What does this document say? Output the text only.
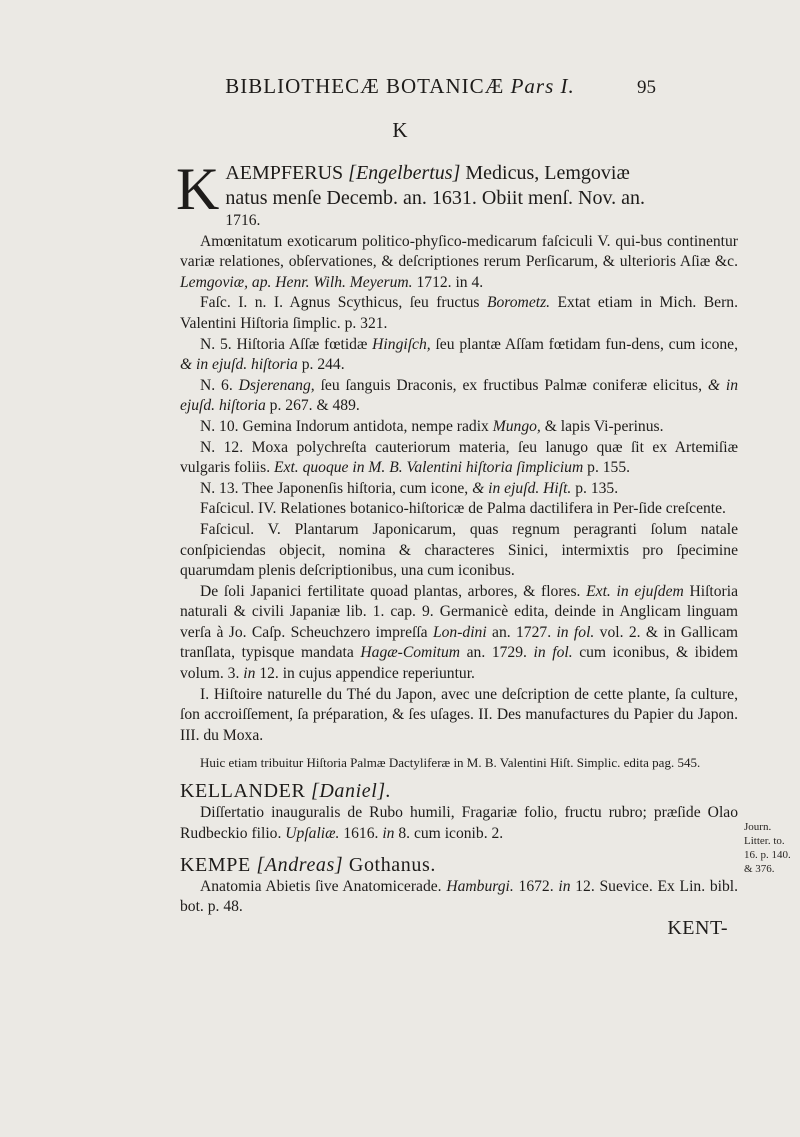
BIBLIOTHECÆ BOTANICÆ Pars I.	95
K

KAEMPFERUS [Engelbertus] Medicus, Lemgoviæ

natus menſe Decemb. an. 1631. Obiit menſ. Nov. an.

1716.

Amœnitatum exoticarum politico-phyſico-medicarum faſciculi V. qui-bus continentur variæ relationes, obſervationes, & deſcriptiones rerum Perſicarum, & ulterioris Aſiæ &c. Lemgoviæ, ap. Henr. Wilh. Meyerum. 1712. in 4.

Faſc. I. n. I. Agnus Scythicus, ſeu fructus Borometz. Extat etiam in Mich. Bern. Valentini Hiſtoria ſimplic. p. 321.

N. 5. Hiſtoria Aſſæ fœtidæ Hingiſch, ſeu plantæ Aſſam fœtidam fun-dens, cum icone, & in ejuſd. hiſtoria p. 244.

N. 6. Dsjerenang, ſeu ſanguis Draconis, ex fructibus Palmæ coniferæ elicitus, & in ejuſd. hiſtoria p. 267. & 489.

N. 10. Gemina Indorum antidota, nempe radix Mungo, & lapis Vi-perinus.

N. 12. Moxa polychreſta cauteriorum materia, ſeu lanugo quæ ſit ex Artemiſiæ vulgaris foliis. Ext. quoque in M. B. Valentini hiſtoria ſimplicium p. 155.

N. 13. Thee Japonenſis hiſtoria, cum icone, & in ejuſd. Hiſt. p. 135.

Faſcicul. IV. Relationes botanico-hiſtoricæ de Palma dactilifera in Per-ſide creſcente.

Faſcicul. V. Plantarum Japonicarum, quas regnum peragranti ſolum natale conſpiciendas objecit, nomina & characteres Sinici, intermixtis pro ſpecimine quarumdam plenis deſcriptionibus, una cum iconibus.

De ſoli Japanici fertilitate quoad plantas, arbores, & flores. Ext. in ejuſdem Hiſtoria naturali & civili Japaniæ lib. 1. cap. 9. Germanicè edita, deinde in Anglicam linguam verſa à Jo. Caſp. Scheuchzero impreſſa Lon-dini an. 1727. in fol. vol. 2. & in Gallicam tranſlata, typisque mandata Hagæ-Comitum an. 1729. in fol. cum iconibus, & ibidem volum. 3. in 12. in cujus appendice reperiuntur.

I. Hiſtoire naturelle du Thé du Japon, avec une deſcription de cette plante, ſa culture, ſon accroiſſement, ſa préparation, & ſes uſages. II. Des manufactures du Papier du Japon. III. du Moxa.

Huic etiam tribuitur Hiſtoria Palmæ Dactyliferæ in M. B. Valentini Hiſt. Simplic. edita pag. 545.

KELLANDER [Daniel].

Diſſertatio inauguralis de Rubo humili, Fragariæ folio, fructu rubro; præſide Olao Rudbeckio filio. Upſaliæ. 1616. in 8. cum iconib. 2.

KEMPE [Andreas] Gothanus.

Anatomia Abietis ſive Anatomicerade. Hamburgi. 1672. in 12. Suevice. Ex Lin. bibl. bot. p. 48.

KENT-

Journ.
Litter. to.
16. p. 140.
& 376.
